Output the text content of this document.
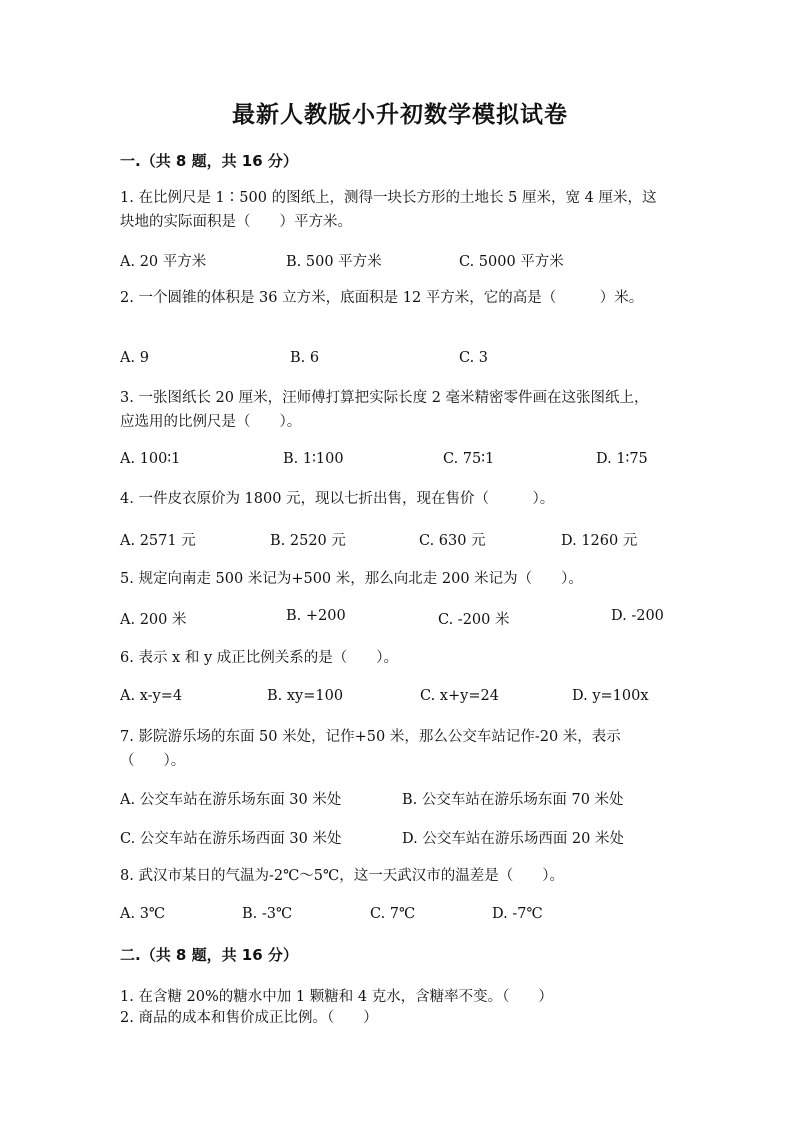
最新人教版小升初数学模拟试卷
一.（共 8 题，共 16 分）
1. 在比例尺是 1∶500 的图纸上，测得一块长方形的土地长 5 厘米，宽 4 厘米，这块地的实际面积是（　　）平方米。
A. 20 平方米	B. 500 平方米	C. 5000 平方米
2. 一个圆锥的体积是 36 立方米，底面积是 12 平方米，它的高是（　　　）米。
A. 9	B. 6	C. 3
3. 一张图纸长 20 厘米，汪师傅打算把实际长度 2 毫米精密零件画在这张图纸上，应选用的比例尺是（　　）。
A. 100∶1	B. 1∶100	C. 75∶1	D. 1∶75
4. 一件皮衣原价为 1800 元，现以七折出售，现在售价（　　　）。
A. 2571 元	B. 2520 元	C. 630 元	D. 1260 元
5. 规定向南走 500 米记为+500 米，那么向北走 200 米记为（　　）。
A. 200 米	B. +200	C. -200 米	D. -200
6. 表示 x 和 y 成正比例关系的是（　　）。
A. x-y=4	B. xy=100	C. x+y=24	D. y=100x
7. 影院游乐场的东面 50 米处，记作+50 米，那么公交车站记作-20 米，表示（　　）。
A. 公交车站在游乐场东面 30 米处	B. 公交车站在游乐场东面 70 米处
C. 公交车站在游乐场西面 30 米处	D. 公交车站在游乐场西面 20 米处
8. 武汉市某日的气温为-2℃～5℃，这一天武汉市的温差是（　　）。
A. 3℃	B. -3℃	C. 7℃	D. -7℃
二.（共 8 题，共 16 分）
1. 在含糖 20%的糖水中加 1 颗糖和 4 克水，含糖率不变。（　　）
2. 商品的成本和售价成正比例。（　　）
